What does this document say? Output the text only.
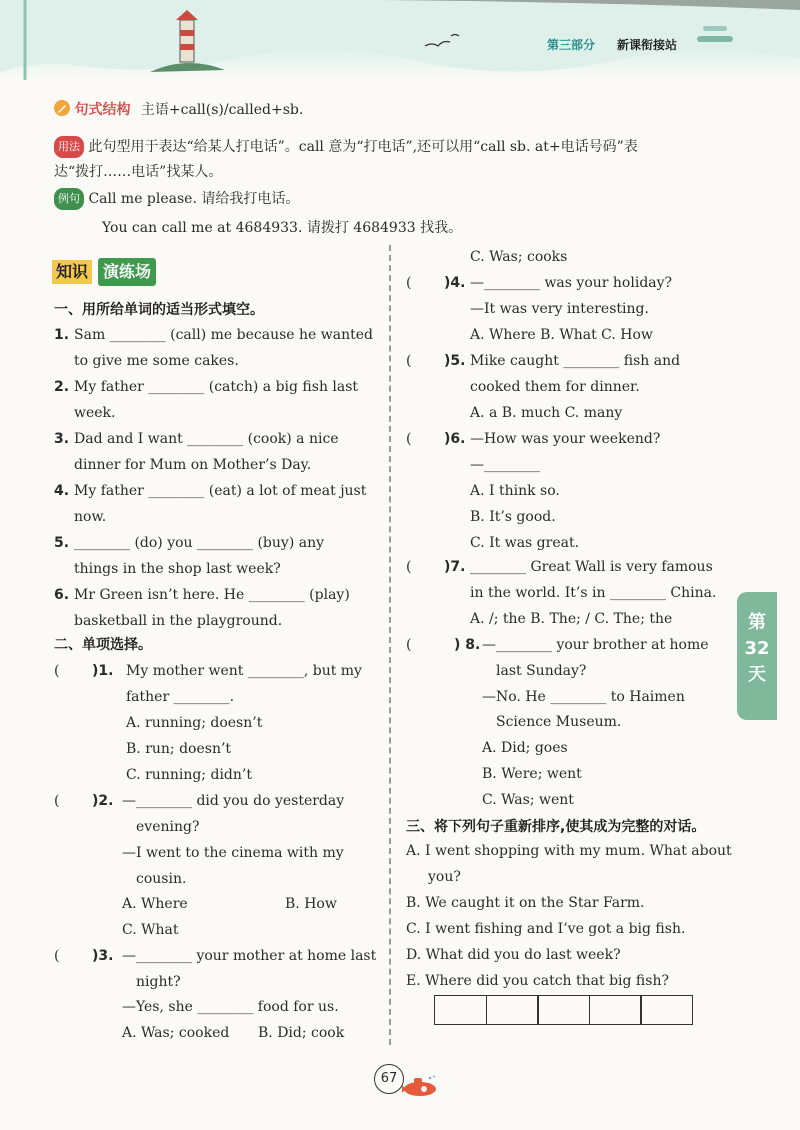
第三部分 新课衔接站
句式结构 主语+call(s)/called+sb.
用法 此句型用于表达“给某人打电话”。call 意为“打电话”,还可以用“call sb. at+电话号码”表
达“拨打……电话”找某人。
例句 Call me please. 请给我打电话。
You can call me at 4684933. 请拨打 4684933 找我。
知识 演练场
一、用所给单词的适当形式填空。
1. Sam ________ (call) me because he wanted
to give me some cakes.
2. My father ________ (catch) a big fish last
week.
3. Dad and I want ________ (cook) a nice
dinner for Mum on Mother’s Day.
4. My father ________ (eat) a lot of meat just
now.
5. ________ (do) you ________ (buy) any
things in the shop last week?
6. Mr Green isn’t here. He ________ (play)
basketball in the playground.
二、单项选择。
( )1. My mother went ________, but my
father ________.
A. running; doesn’t
B. run; doesn’t
C. running; didn’t
( )2. —________ did you do yesterday
evening?
—I went to the cinema with my
cousin.
A. Where	B. How
C. What
( )3. —________ your mother at home last
night?
—Yes, she ________ food for us.
A. Was; cooked B. Did; cook
C. Was; cooks
( )4. —________ was your holiday?
—It was very interesting.
A. Where B. What C. How
( )5. Mike caught ________ fish and
cooked them for dinner.
A. a B. much C. many
( )6. —How was your weekend?
—________
A. I think so.
B. It’s good.
C. It was great.
( )7. ________ Great Wall is very famous
in the world. It’s in ________ China.
A. /; the B. The; / C. The; the
(	) 8. —________ your brother at home
last Sunday?
—No. He ________ to Haimen
Science Museum.
A. Did; goes
B. Were; went
C. Was; went
三、将下列句子重新排序,使其成为完整的对话。
A. I went shopping with my mum. What about
you?
B. We caught it on the Star Farm.
C. I went fishing and I’ve got a big fish.
D. What did you do last week?
E. Where did you catch that big fish?
第
32
天
67
